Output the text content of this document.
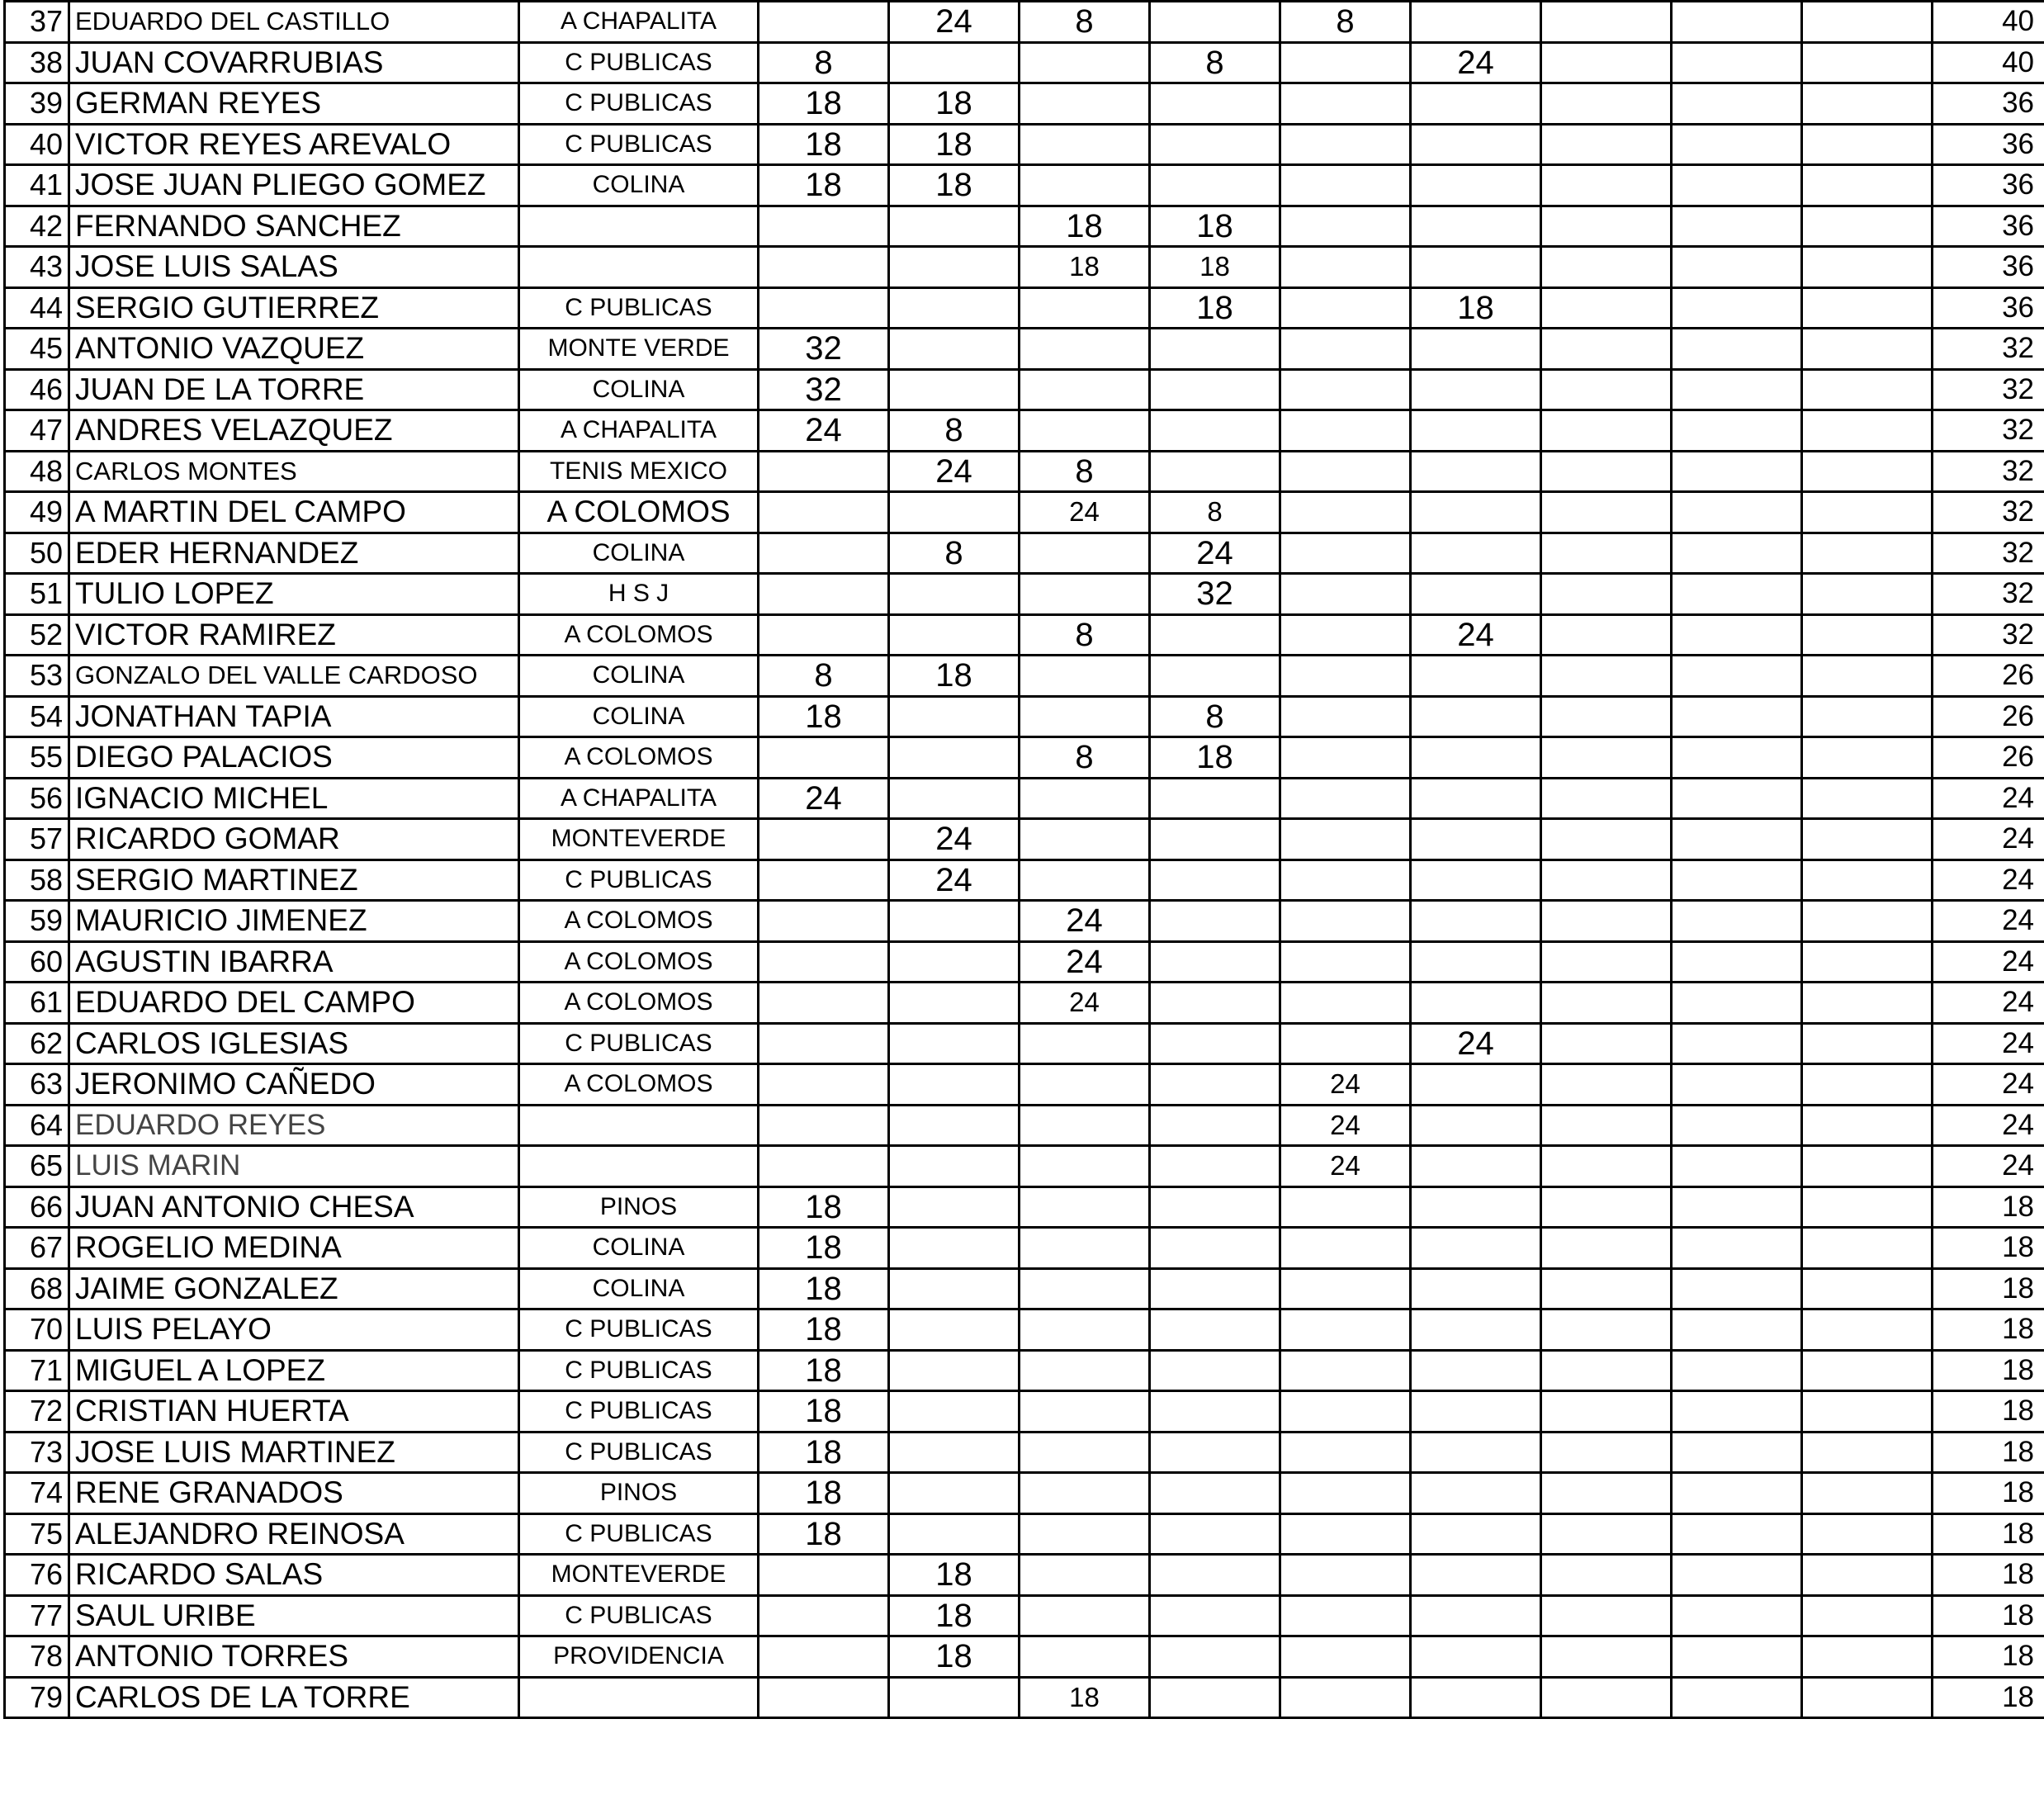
37	EDUARDO DEL CASTILLO	A CHAPALITA		24	8		8					40
38	JUAN COVARRUBIAS	C PUBLICAS	8			8		24				40
39	GERMAN REYES	C PUBLICAS	18	18								36
40	VICTOR REYES AREVALO	C PUBLICAS	18	18								36
41	JOSE JUAN PLIEGO GOMEZ	COLINA	18	18								36
42	FERNANDO SANCHEZ				18	18						36
43	JOSE LUIS SALAS				18	18						36
44	SERGIO GUTIERREZ	C PUBLICAS				18		18				36
45	ANTONIO VAZQUEZ	MONTE VERDE	32									32
46	JUAN DE LA TORRE	COLINA	32									32
47	ANDRES VELAZQUEZ	A CHAPALITA	24	8								32
48	CARLOS MONTES	TENIS MEXICO		24	8							32
49	A MARTIN DEL CAMPO	A COLOMOS			24	8						32
50	EDER HERNANDEZ	COLINA		8		24						32
51	TULIO LOPEZ	H S J				32						32
52	VICTOR RAMIREZ	A COLOMOS			8			24				32
53	GONZALO DEL VALLE CARDOSO	COLINA	8	18								26
54	JONATHAN TAPIA	COLINA	18			8						26
55	DIEGO PALACIOS	A COLOMOS			8	18						26
56	IGNACIO MICHEL	A CHAPALITA	24									24
57	RICARDO GOMAR	MONTEVERDE		24								24
58	SERGIO MARTINEZ	C PUBLICAS		24								24
59	MAURICIO JIMENEZ	A COLOMOS			24							24
60	AGUSTIN IBARRA	A COLOMOS			24							24
61	EDUARDO DEL CAMPO	A COLOMOS			24							24
62	CARLOS IGLESIAS	C PUBLICAS						24				24
63	JERONIMO CAÑEDO	A COLOMOS					24					24
64	EDUARDO REYES						24					24
65	LUIS MARIN						24					24
66	JUAN ANTONIO CHESA	PINOS	18									18
67	ROGELIO MEDINA	COLINA	18									18
68	JAIME GONZALEZ	COLINA	18									18
70	LUIS PELAYO	C PUBLICAS	18									18
71	MIGUEL A LOPEZ	C PUBLICAS	18									18
72	CRISTIAN HUERTA	C PUBLICAS	18									18
73	JOSE LUIS MARTINEZ	C PUBLICAS	18									18
74	RENE GRANADOS	PINOS	18									18
75	ALEJANDRO REINOSA	C PUBLICAS	18									18
76	RICARDO SALAS	MONTEVERDE		18								18
77	SAUL URIBE	C PUBLICAS		18								18
78	ANTONIO TORRES	PROVIDENCIA		18								18
79	CARLOS DE LA TORRE				18							18
